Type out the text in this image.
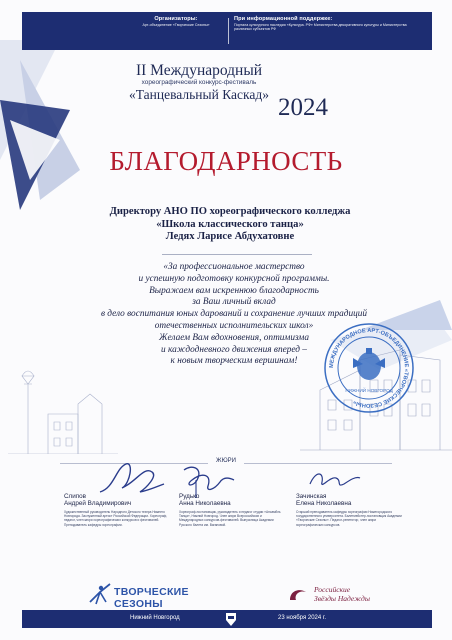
Организаторы:
Арт-объединение «Творческие Сезоны»
При информационной поддержке:
Портала культурного наследия «Культура. РФ» Министерства декоративного культуры и Министерства различных субъектов РФ
II Международный
хореографический конкурс-фестиваль
«Танцевальный Каскад» 2024
БЛАГОДАРНОСТЬ
Директору АНО ПО хореографического колледжа
«Школа классического танца»
Ледях Ларисе Абдухатовне
«За профессиональное мастерство
и успешную подготовку конкурсной программы.
Выражаем вам искреннюю благодарность
за Ваш личный вклад
в дело воспитания юных дарований и сохранение лучших традиций
отечественных исполнительских школ»
Желаем Вам вдохновения, оптимизма
и каждодневного движения вперед –
к новым творческим вершинам!	МЕЖДУНАРОДНОЕ АРТ-ОБЪЕДИНЕНИЕ «ТВОРЧЕСКИЕ СЕЗОНЫ»
НИЖНИЙ НОВГОРОД
ЖЮРИ
Слипов
Андрей Владимирович
Художественный руководитель Народного Детского театра Нижнего Новгорода. Заслуженный артист Российской Федерации. Хореограф, педагог, член жюри хореографических конкурсов и фестивалей. Преподаватель кафедры хореографии.
Рудько
Анна Николаевна
Хореограф-постановщик, руководитель и педагог студии «Ансамбль Танца», Нижний Новгород. Член жюри Всероссийских и Международных конкурсов-фестивалей. Выпускница Академии Русского балета им. Вагановой.
Зачинская
Елена Николаевна
Старший преподаватель кафедры хореографии Нижегородского государственного университета. Балетмейстер-постановщик Академии «Творческие Сезоны». Педагог-репетитор, член жюри хореографических конкурсов.
ТВОРЧЕСКИЕ
СЕЗОНЫ
Российские
Звёзды Надежды
Нижний Новгород	23 ноября 2024 г.
